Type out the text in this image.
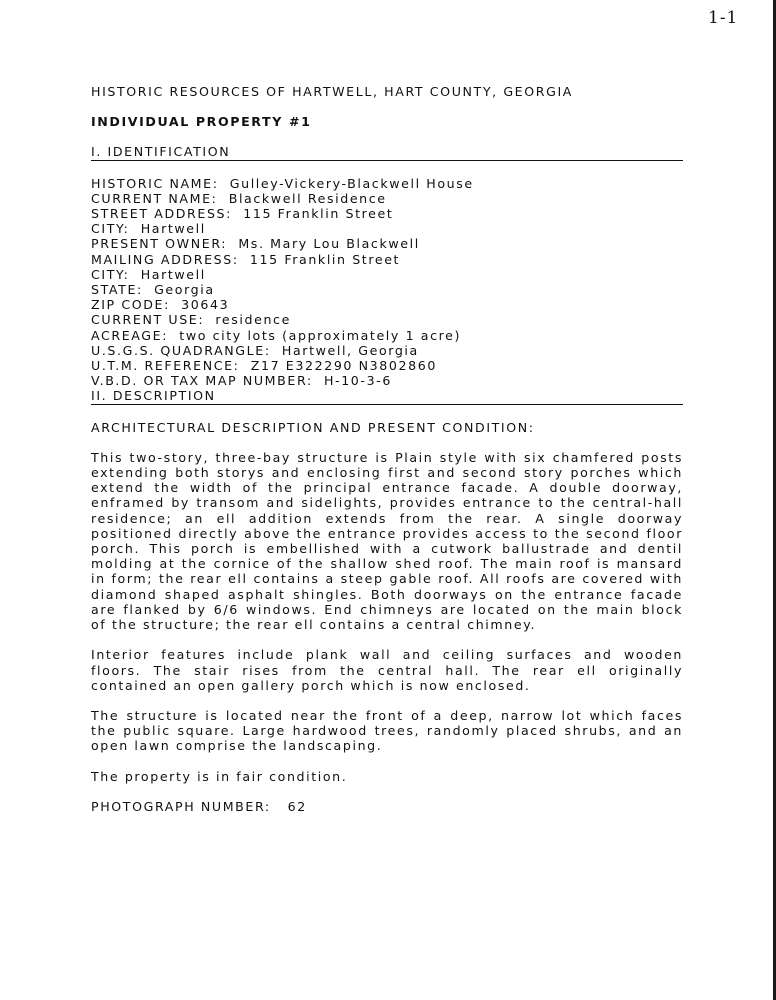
1-1
HISTORIC RESOURCES OF HARTWELL, HART COUNTY, GEORGIA
INDIVIDUAL PROPERTY #1
I. IDENTIFICATION
HISTORIC NAME: Gulley-Vickery-Blackwell House
CURRENT NAME: Blackwell Residence
STREET ADDRESS: 115 Franklin Street
CITY: Hartwell
PRESENT OWNER: Ms. Mary Lou Blackwell
MAILING ADDRESS: 115 Franklin Street
CITY: Hartwell
STATE: Georgia
ZIP CODE: 30643
CURRENT USE: residence
ACREAGE: two city lots (approximately 1 acre)
U.S.G.S. QUADRANGLE: Hartwell, Georgia
U.T.M. REFERENCE: Z17 E322290 N3802860
V.B.D. OR TAX MAP NUMBER: H-10-3-6
II. DESCRIPTION
ARCHITECTURAL DESCRIPTION AND PRESENT CONDITION:
This two-story, three-bay structure is Plain style with six chamfered posts extending both storys and enclosing first and second story porches which extend the width of the principal entrance facade. A double doorway, enframed by transom and sidelights, provides entrance to the central-hall residence; an ell addition extends from the rear. A single doorway positioned directly above the entrance provides access to the second floor porch. This porch is embellished with a cutwork ballustrade and dentil molding at the cornice of the shallow shed roof. The main roof is mansard in form; the rear ell contains a steep gable roof. All roofs are covered with diamond shaped asphalt shingles. Both doorways on the entrance facade are flanked by 6/6 windows. End chimneys are located on the main block of the structure; the rear ell contains a central chimney.
Interior features include plank wall and ceiling surfaces and wooden floors. The stair rises from the central hall. The rear ell originally contained an open gallery porch which is now enclosed.
The structure is located near the front of a deep, narrow lot which faces the public square. Large hardwood trees, randomly placed shrubs, and an open lawn comprise the landscaping.
The property is in fair condition.
PHOTOGRAPH NUMBER: 62
